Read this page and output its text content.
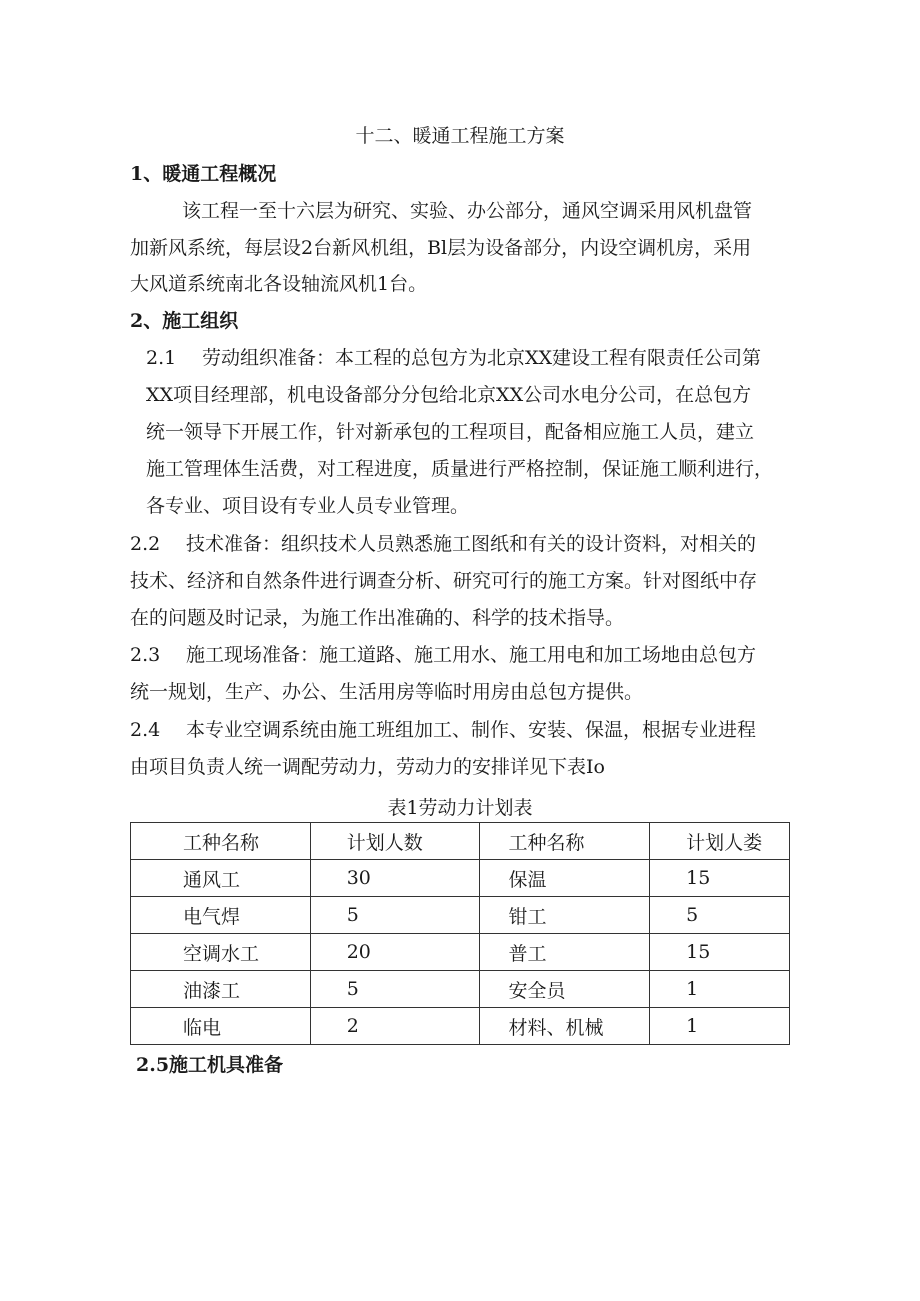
十二、暖通工程施工方案
1、暖通工程概况
该工程一至十六层为研究、实验、办公部分，通风空调采用风机盘管
加新风系统，每层设2台新风机组，Bl层为设备部分，内设空调机房，采用
大风道系统南北各设轴流风机1台。
2、施工组织
2.1 劳动组织准备：本工程的总包方为北京XX建设工程有限责任公司第
XX项目经理部，机电设备部分分包给北京XX公司水电分公司，在总包方
统一领导下开展工作，针对新承包的工程项目，配备相应施工人员，建立
施工管理体生活费，对工程进度，质量进行严格控制，保证施工顺利进行，
各专业、项目设有专业人员专业管理。
2.2 技术准备：组织技术人员熟悉施工图纸和有关的设计资料，对相关的
技术、经济和自然条件进行调查分析、研究可行的施工方案。针对图纸中存
在的问题及时记录，为施工作出准确的、科学的技术指导。
2.3 施工现场准备：施工道路、施工用水、施工用电和加工场地由总包方
统一规划，生产、办公、生活用房等临时用房由总包方提供。
2.4 本专业空调系统由施工班组加工、制作、安装、保温，根据专业进程
由项目负责人统一调配劳动力，劳动力的安排详见下表Io
表1劳动力计划表
工种名称	计划人数	工种名称	计划人娄
通风工	30	保温	15
电气焊	5	钳工	5
空调水工	20	普工	15
油漆工	5	安全员	1
临电	2	材料、机械	1
2.5施工机具准备
